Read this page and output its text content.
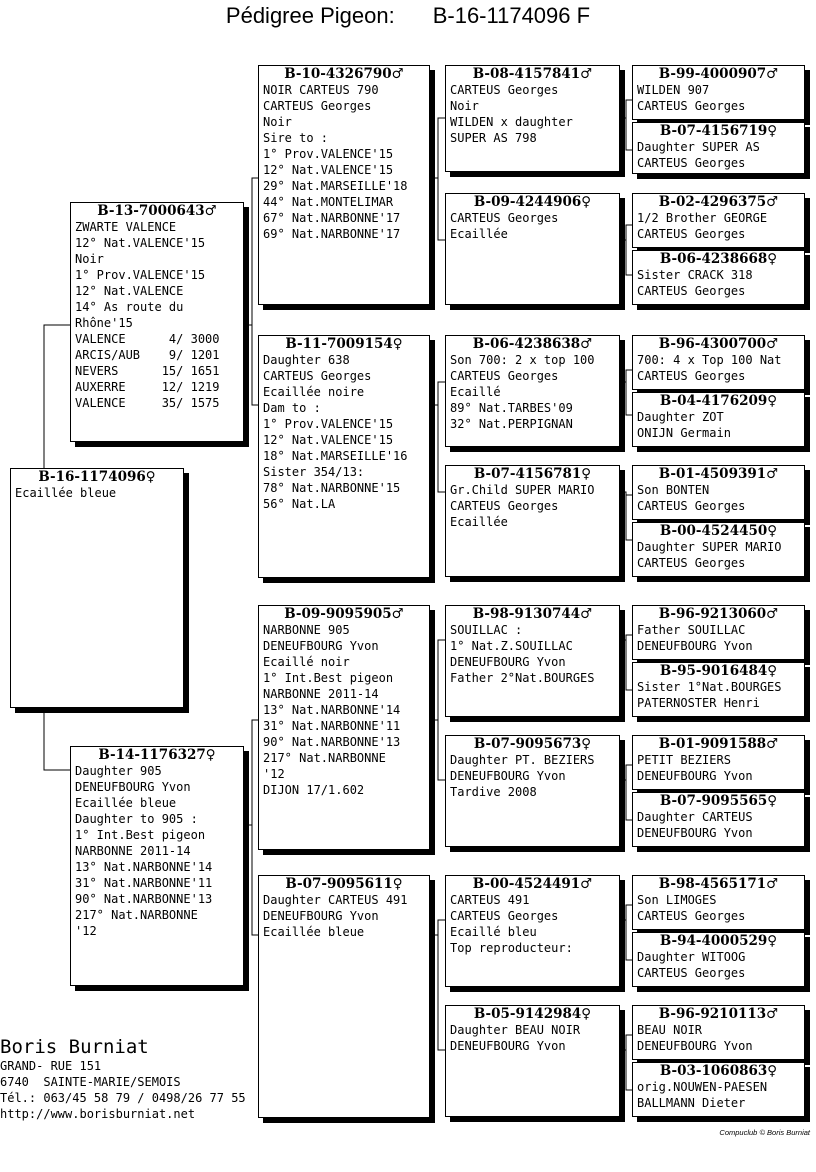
Pédigree Pigeon: B-16-1174096 F
B-16-1174096♀
Ecaillée bleue
B-13-7000643♂
ZWARTE VALENCE
12° Nat.VALENCE'15
Noir
1° Prov.VALENCE'15
12° Nat.VALENCE
14° As route du
Rhône'15
VALENCE      4/ 3000
ARCIS/AUB    9/ 1201
NEVERS      15/ 1651
AUXERRE     12/ 1219
VALENCE     35/ 1575
B-14-1176327♀
Daughter 905
DENEUFBOURG Yvon
Ecaillée bleue
Daughter to 905 :
1° Int.Best pigeon
NARBONNE 2011-14
13° Nat.NARBONNE'14
31° Nat.NARBONNE'11
90° Nat.NARBONNE'13
217° Nat.NARBONNE
'12
B-10-4326790♂
NOIR CARTEUS 790
CARTEUS Georges
Noir
Sire to :
1° Prov.VALENCE'15
12° Nat.VALENCE'15
29° Nat.MARSEILLE'18
44° Nat.MONTELIMAR
67° Nat.NARBONNE'17
69° Nat.NARBONNE'17
B-11-7009154♀
Daughter 638
CARTEUS Georges
Ecaillée noire
Dam to :
1° Prov.VALENCE'15
12° Nat.VALENCE'15
18° Nat.MARSEILLE'16
Sister 354/13:
78° Nat.NARBONNE'15
56° Nat.LA
B-09-9095905♂
NARBONNE 905
DENEUFBOURG Yvon
Ecaillé noir
1° Int.Best pigeon
NARBONNE 2011-14
13° Nat.NARBONNE'14
31° Nat.NARBONNE'11
90° Nat.NARBONNE'13
217° Nat.NARBONNE
'12
DIJON 17/1.602
B-07-9095611♀
Daughter CARTEUS 491
DENEUFBOURG Yvon
Ecaillée bleue
B-08-4157841♂
CARTEUS Georges
Noir
WILDEN x daughter
SUPER AS 798
B-09-4244906♀
CARTEUS Georges
Ecaillée
B-06-4238638♂
Son 700: 2 x top 100
CARTEUS Georges
Ecaillé
89° Nat.TARBES'09
32° Nat.PERPIGNAN
B-07-4156781♀
Gr.Child SUPER MARIO
CARTEUS Georges
Ecaillée
B-98-9130744♂
SOUILLAC :
1° Nat.Z.SOUILLAC
DENEUFBOURG Yvon
Father 2°Nat.BOURGES
B-07-9095673♀
Daughter PT. BEZIERS
DENEUFBOURG Yvon
Tardive 2008
B-00-4524491♂
CARTEUS 491
CARTEUS Georges
Ecaillé bleu
Top reproducteur:
B-05-9142984♀
Daughter BEAU NOIR
DENEUFBOURG Yvon
B-99-4000907♂
WILDEN 907
CARTEUS Georges
B-07-4156719♀
Daughter SUPER AS
CARTEUS Georges
B-02-4296375♂
1/2 Brother GEORGE
CARTEUS Georges
B-06-4238668♀
Sister CRACK 318
CARTEUS Georges
B-96-4300700♂
700: 4 x Top 100 Nat
CARTEUS Georges
B-04-4176209♀
Daughter ZOT
ONIJN Germain
B-01-4509391♂
Son BONTEN
CARTEUS Georges
B-00-4524450♀
Daughter SUPER MARIO
CARTEUS Georges
B-96-9213060♂
Father SOUILLAC
DENEUFBOURG Yvon
B-95-9016484♀
Sister 1°Nat.BOURGES
PATERNOSTER Henri
B-01-9091588♂
PETIT BEZIERS
DENEUFBOURG Yvon
B-07-9095565♀
Daughter CARTEUS
DENEUFBOURG Yvon
B-98-4565171♂
Son LIMOGES
CARTEUS Georges
B-94-4000529♀
Daughter WITOOG
CARTEUS Georges
B-96-9210113♂
BEAU NOIR
DENEUFBOURG Yvon
B-03-1060863♀
orig.NOUWEN-PAESEN
BALLMANN Dieter
Boris Burniat
GRAND- RUE 151
6740  SAINTE-MARIE/SEMOIS
Tél.: 063/45 58 79 / 0498/26 77 55
http://www.borisburniat.net
Compuclub © Boris Burniat
